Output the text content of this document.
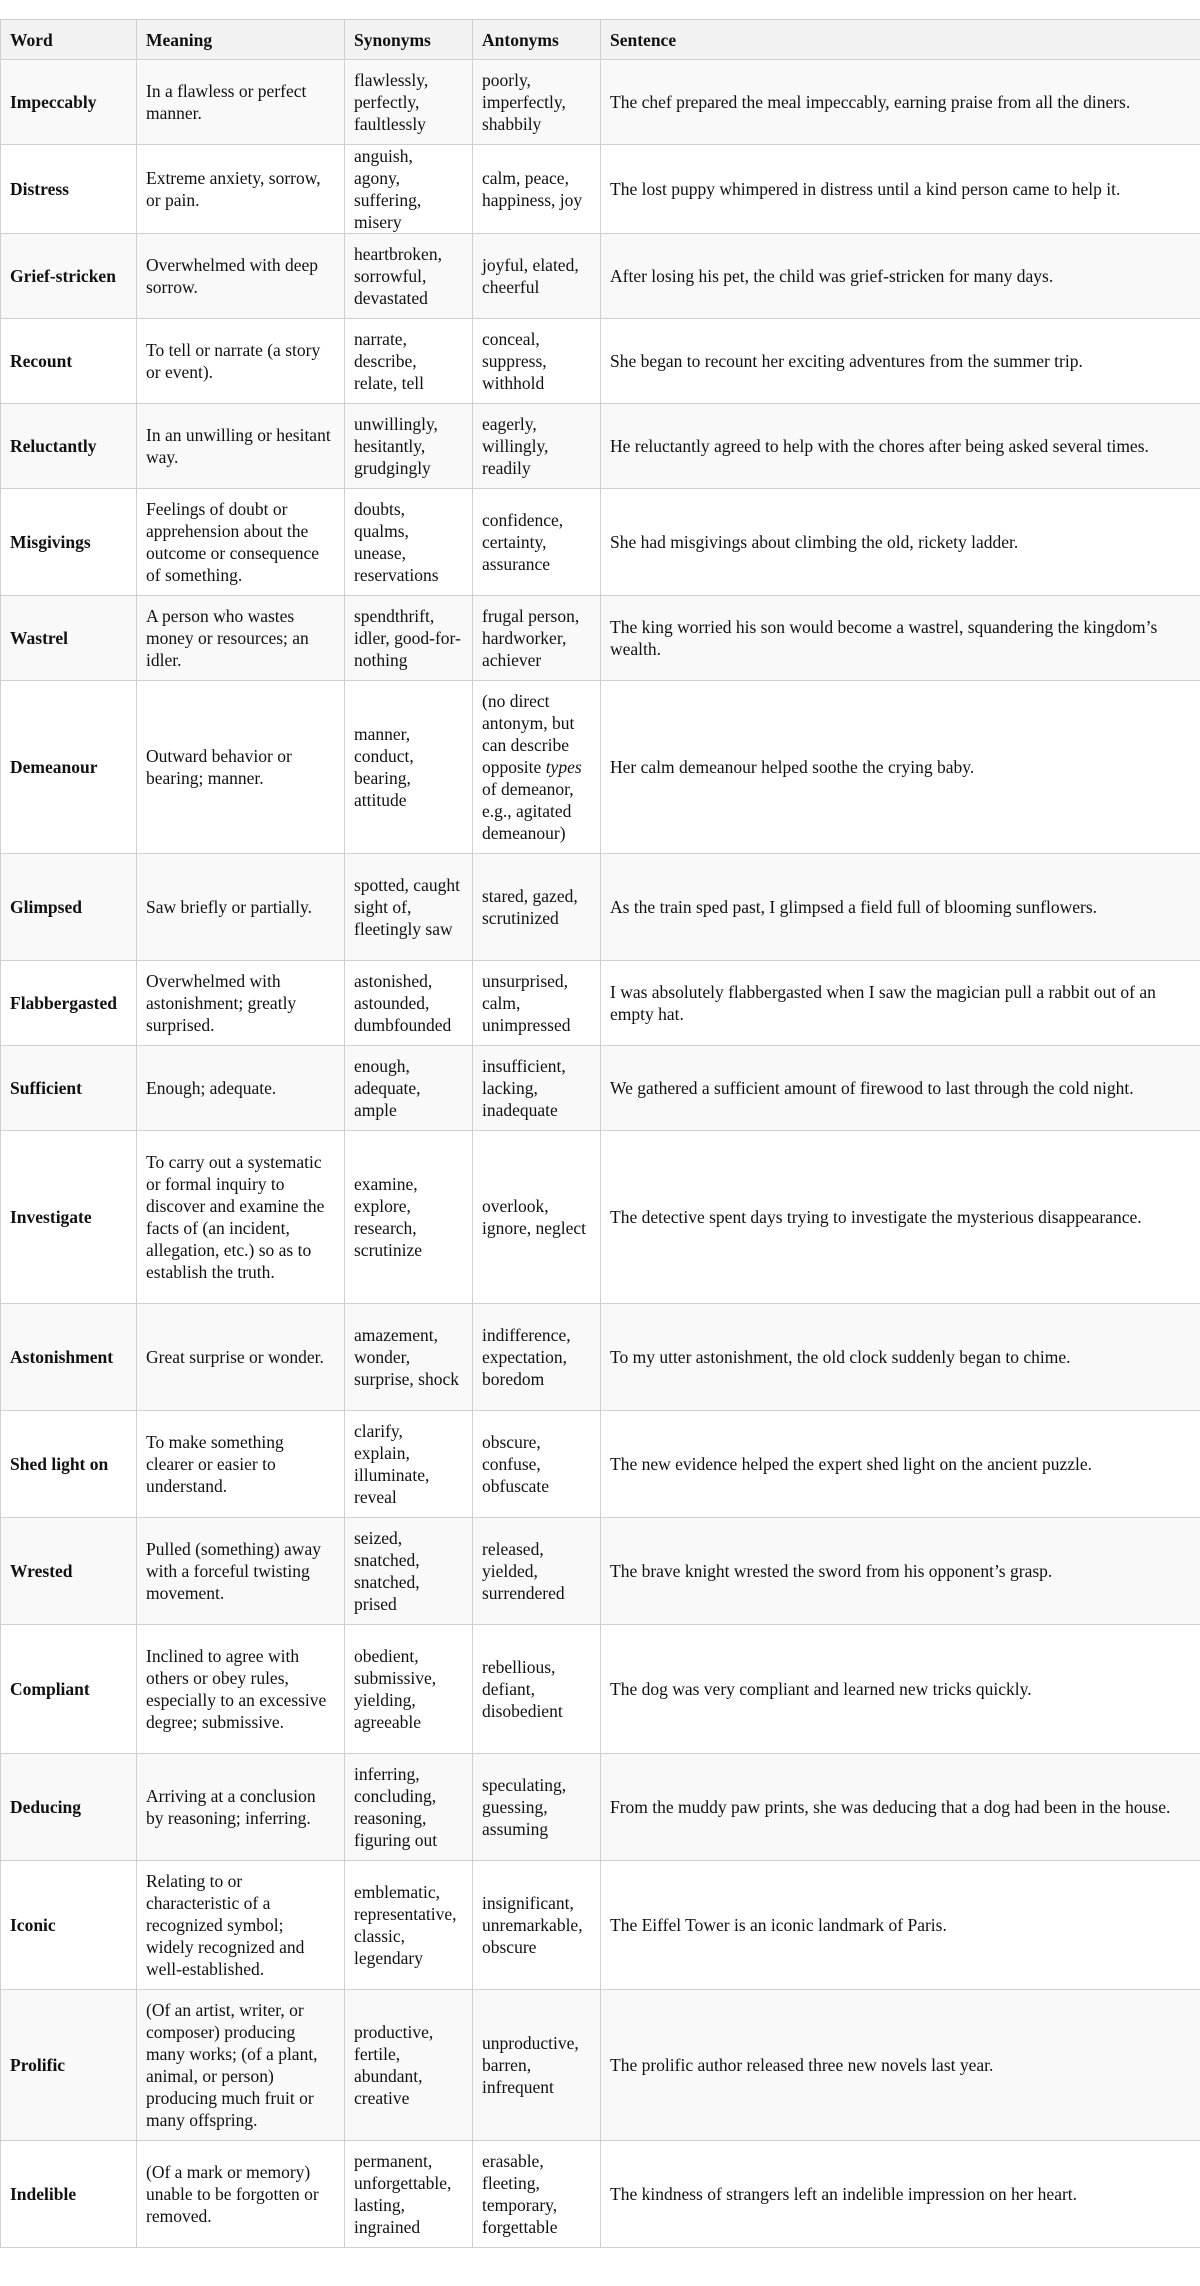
Word	Meaning	Synonyms	Antonyms	Sentence

Impeccably	In a flawless or perfect manner.	flawlessly, perfectly, faultlessly	poorly, imperfectly, shabbily	The chef prepared the meal impeccably, earning praise from all the diners.

Distress	Extreme anxiety, sorrow, or pain.	anguish, agony, suffering, misery	calm, peace, happiness, joy	The lost puppy whimpered in distress until a kind person came to help it.

Grief-stricken	Overwhelmed with deep sorrow.	heartbroken, sorrowful, devastated	joyful, elated, cheerful	After losing his pet, the child was grief-stricken for many days.

Recount	To tell or narrate (a story or event).	narrate, describe, relate, tell	conceal, suppress, withhold	She began to recount her exciting adventures from the summer trip.

Reluctantly	In an unwilling or hesitant way.	unwillingly, hesitantly, grudgingly	eagerly, willingly, readily	He reluctantly agreed to help with the chores after being asked several times.

Misgivings	Feelings of doubt or apprehension about the outcome or consequence of something.	doubts, qualms, unease, reservations	confidence, certainty, assurance	She had misgivings about climbing the old, rickety ladder.

Wastrel	A person who wastes money or resources; an idler.	spendthrift, idler, good-for-nothing	frugal person, hardworker, achiever	The king worried his son would become a wastrel, squandering the kingdom’s wealth.

Demeanour	Outward behavior or bearing; manner.	manner, conduct, bearing, attitude	(no direct antonym, but can describe opposite types of demeanor, e.g., agitated demeanour)	Her calm demeanour helped soothe the crying baby.

Glimpsed	Saw briefly or partially.	spotted, caught sight of, fleetingly saw	stared, gazed, scrutinized	As the train sped past, I glimpsed a field full of blooming sunflowers.

Flabbergasted	Overwhelmed with astonishment; greatly surprised.	astonished, astounded, dumbfounded	unsurprised, calm, unimpressed	I was absolutely flabbergasted when I saw the magician pull a rabbit out of an empty hat.

Sufficient	Enough; adequate.	enough, adequate, ample	insufficient, lacking, inadequate	We gathered a sufficient amount of firewood to last through the cold night.

Investigate	To carry out a systematic or formal inquiry to discover and examine the facts of (an incident, allegation, etc.) so as to establish the truth.	examine, explore, research, scrutinize	overlook, ignore, neglect	The detective spent days trying to investigate the mysterious disappearance.

Astonishment	Great surprise or wonder.	amazement, wonder, surprise, shock	indifference, expectation, boredom	To my utter astonishment, the old clock suddenly began to chime.

Shed light on	To make something clearer or easier to understand.	clarify, explain, illuminate, reveal	obscure, confuse, obfuscate	The new evidence helped the expert shed light on the ancient puzzle.

Wrested	Pulled (something) away with a forceful twisting movement.	seized, snatched, snatched, prised	released, yielded, surrendered	The brave knight wrested the sword from his opponent’s grasp.

Compliant	Inclined to agree with others or obey rules, especially to an excessive degree; submissive.	obedient, submissive, yielding, agreeable	rebellious, defiant, disobedient	The dog was very compliant and learned new tricks quickly.

Deducing	Arriving at a conclusion by reasoning; inferring.	inferring, concluding, reasoning, figuring out	speculating, guessing, assuming	From the muddy paw prints, she was deducing that a dog had been in the house.

Iconic	Relating to or characteristic of a recognized symbol; widely recognized and well-established.	emblematic, representative, classic, legendary	insignificant, unremarkable, obscure	The Eiffel Tower is an iconic landmark of Paris.

Prolific	(Of an artist, writer, or composer) producing many works; (of a plant, animal, or person) producing much fruit or many offspring.	productive, fertile, abundant, creative	unproductive, barren, infrequent	The prolific author released three new novels last year.

Indelible	(Of a mark or memory) unable to be forgotten or removed.	permanent, unforgettable, lasting, ingrained	erasable, fleeting, temporary, forgettable	The kindness of strangers left an indelible impression on her heart.
